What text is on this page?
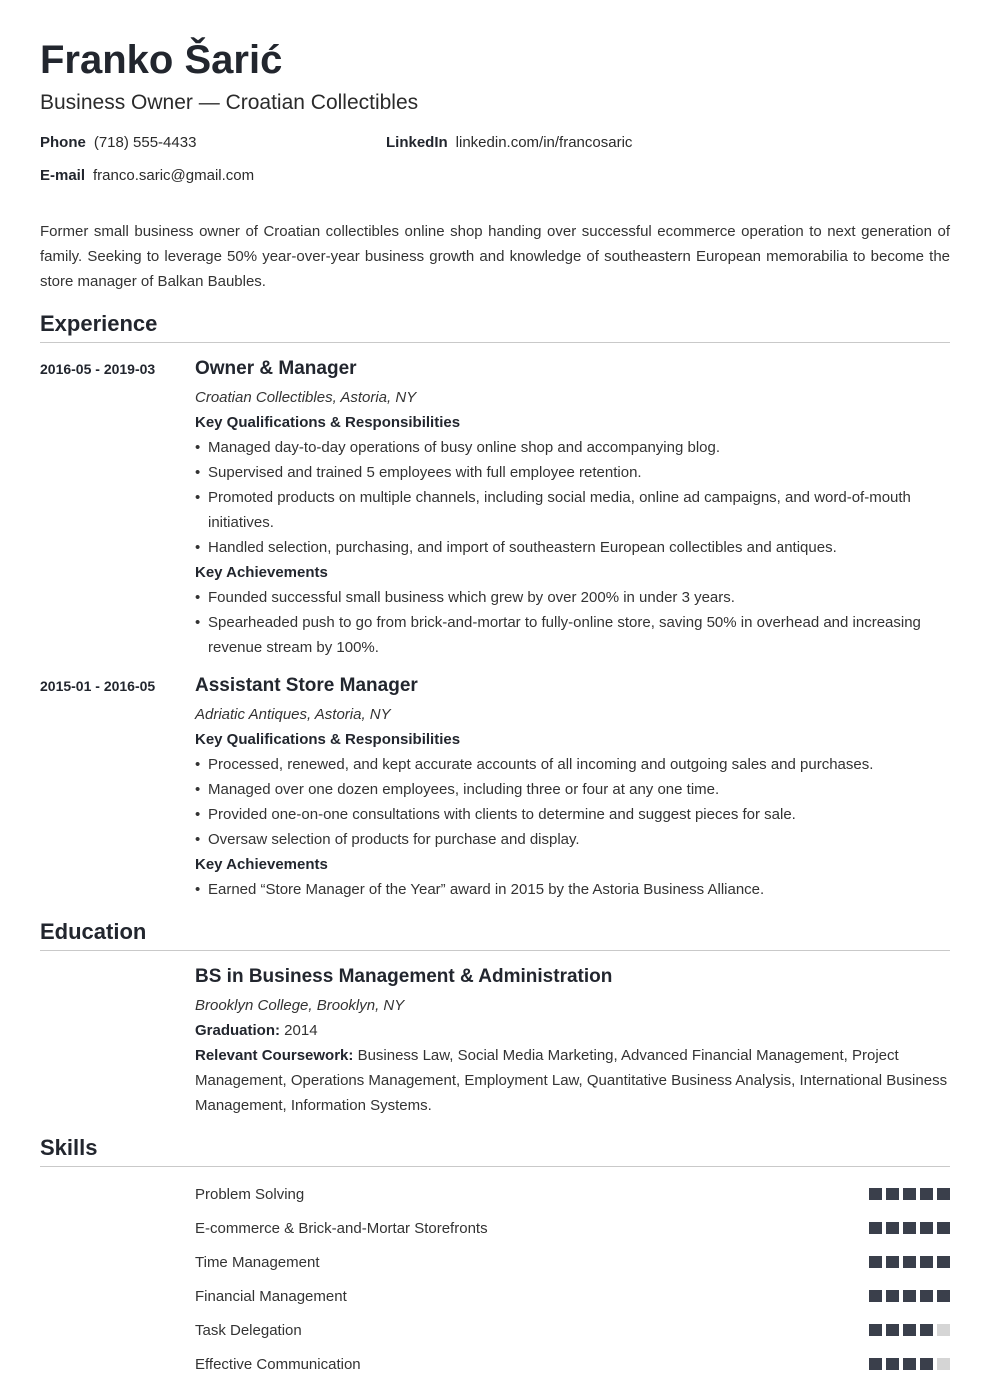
Franko Šarić
Business Owner — Croatian Collectibles
Phone (718) 555-4433	LinkedIn linkedin.com/in/francosaric
E-mail franco.saric@gmail.com
Former small business owner of Croatian collectibles online shop handing over successful ecommerce operation to next generation of family. Seeking to leverage 50% year-over-year business growth and knowledge of southeastern European memorabilia to become the store manager of Balkan Baubles.
Experience
2016-05 - 2019-03	Owner & Manager
Croatian Collectibles, Astoria, NY
Key Qualifications & Responsibilities
• Managed day-to-day operations of busy online shop and accompanying blog.
• Supervised and trained 5 employees with full employee retention.
• Promoted products on multiple channels, including social media, online ad campaigns, and word-of-mouth initiatives.
• Handled selection, purchasing, and import of southeastern European collectibles and antiques.
Key Achievements
• Founded successful small business which grew by over 200% in under 3 years.
• Spearheaded push to go from brick-and-mortar to fully-online store, saving 50% in overhead and increasing revenue stream by 100%.
2015-01 - 2016-05	Assistant Store Manager
Adriatic Antiques, Astoria, NY
Key Qualifications & Responsibilities
• Processed, renewed, and kept accurate accounts of all incoming and outgoing sales and purchases.
• Managed over one dozen employees, including three or four at any one time.
• Provided one-on-one consultations with clients to determine and suggest pieces for sale.
• Oversaw selection of products for purchase and display.
Key Achievements
• Earned “Store Manager of the Year” award in 2015 by the Astoria Business Alliance.
Education
BS in Business Management & Administration
Brooklyn College, Brooklyn, NY
Graduation: 2014
Relevant Coursework: Business Law, Social Media Marketing, Advanced Financial Management, Project Management, Operations Management, Employment Law, Quantitative Business Analysis, International Business Management, Information Systems.
Skills
Problem Solving
E-commerce & Brick-and-Mortar Storefronts
Time Management
Financial Management
Task Delegation
Effective Communication
